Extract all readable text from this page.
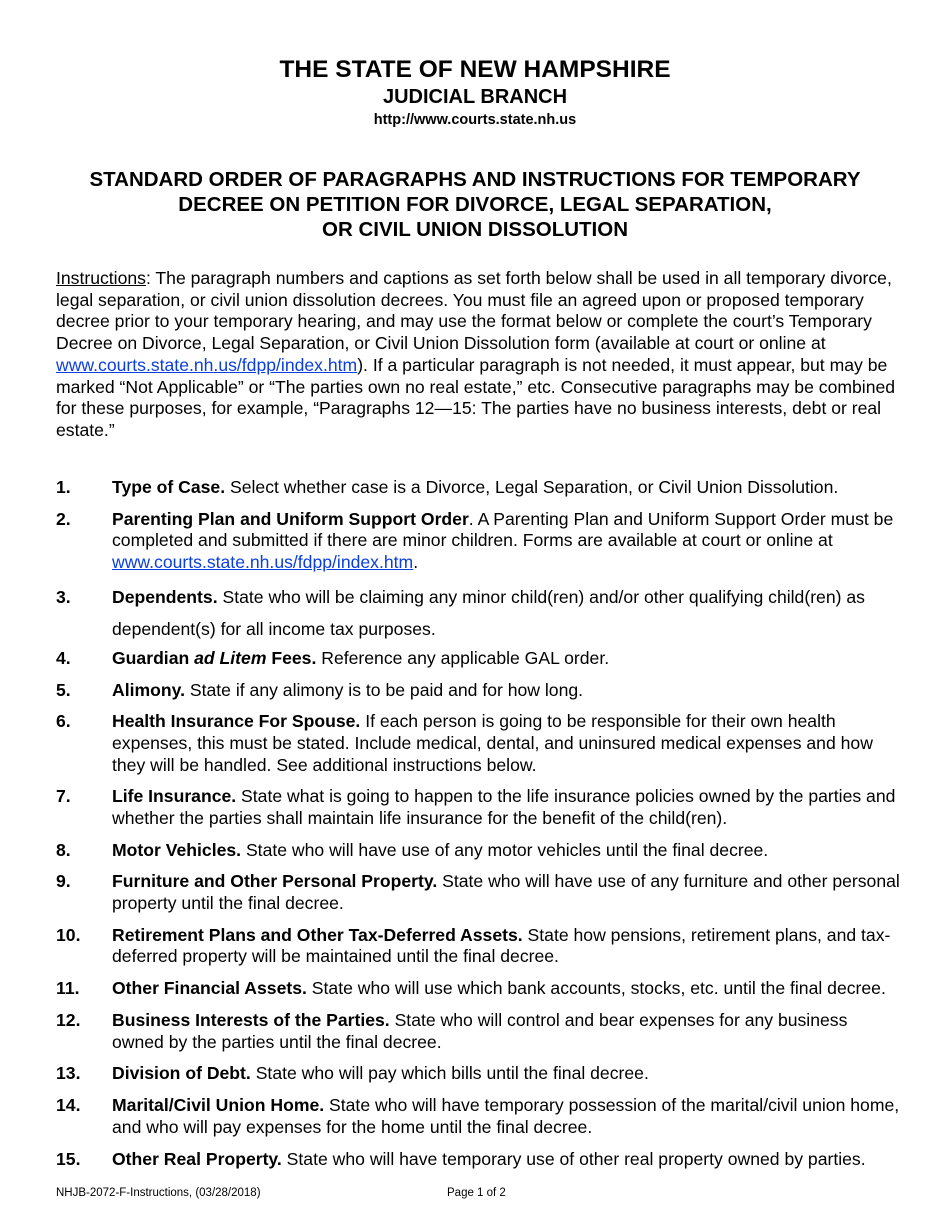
THE STATE OF NEW HAMPSHIRE
JUDICIAL BRANCH
http://www.courts.state.nh.us
STANDARD ORDER OF PARAGRAPHS AND INSTRUCTIONS FOR TEMPORARY
DECREE ON PETITION FOR DIVORCE, LEGAL SEPARATION,
OR CIVIL UNION DISSOLUTION
Instructions: The paragraph numbers and captions as set forth below shall be used in all temporary divorce, legal separation, or civil union dissolution decrees. You must file an agreed upon or proposed temporary decree prior to your temporary hearing, and may use the format below or complete the court’s Temporary Decree on Divorce, Legal Separation, or Civil Union Dissolution form (available at court or online at www.courts.state.nh.us/fdpp/index.htm). If a particular paragraph is not needed, it must appear, but may be marked “Not Applicable” or “The parties own no real estate,” etc. Consecutive paragraphs may be combined for these purposes, for example, “Paragraphs 12—15: The parties have no business interests, debt or real estate.”
1. Type of Case. Select whether case is a Divorce, Legal Separation, or Civil Union Dissolution.
2. Parenting Plan and Uniform Support Order. A Parenting Plan and Uniform Support Order must be completed and submitted if there are minor children. Forms are available at court or online at www.courts.state.nh.us/fdpp/index.htm.
3. Dependents. State who will be claiming any minor child(ren) and/or other qualifying child(ren) as dependent(s) for all income tax purposes.
4. Guardian ad Litem Fees. Reference any applicable GAL order.
5. Alimony. State if any alimony is to be paid and for how long.
6. Health Insurance For Spouse. If each person is going to be responsible for their own health expenses, this must be stated. Include medical, dental, and uninsured medical expenses and how they will be handled. See additional instructions below.
7. Life Insurance. State what is going to happen to the life insurance policies owned by the parties and whether the parties shall maintain life insurance for the benefit of the child(ren).
8. Motor Vehicles. State who will have use of any motor vehicles until the final decree.
9. Furniture and Other Personal Property. State who will have use of any furniture and other personal property until the final decree.
10. Retirement Plans and Other Tax-Deferred Assets. State how pensions, retirement plans, and tax-deferred property will be maintained until the final decree.
11. Other Financial Assets. State who will use which bank accounts, stocks, etc. until the final decree.
12. Business Interests of the Parties. State who will control and bear expenses for any business owned by the parties until the final decree.
13. Division of Debt. State who will pay which bills until the final decree.
14. Marital/Civil Union Home. State who will have temporary possession of the marital/civil union home, and who will pay expenses for the home until the final decree.
15. Other Real Property. State who will have temporary use of other real property owned by parties.
NHJB-2072-F-Instructions, (03/28/2018)	Page 1 of 2
